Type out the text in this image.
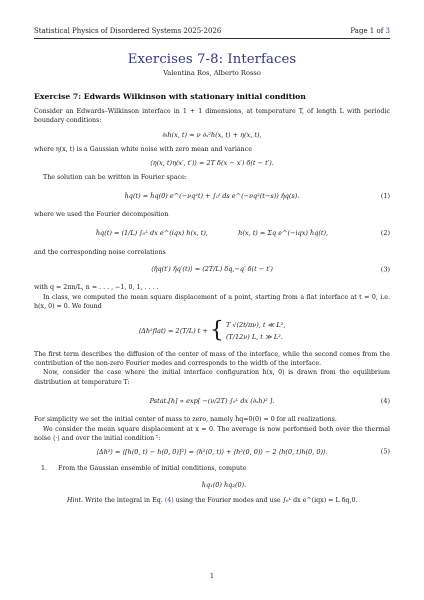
Statistical Physics of Disordered Systems 2025-2026	Page 1 of 3
Exercises 7-8: Interfaces
Valentina Ros, Alberto Rosso
Exercise 7: Edwards Wilkinson with stationary initial condition

Consider an Edwards–Wilkinson interface in 1 + 1 dimensions, at temperature T, of length L with periodic boundary conditions:

∂ₜh(x, t) = ν ∂ₓ²h(x, t) + η(x, t),

where η(x, t) is a Gaussian white noise with zero mean and variance

⟨η(x, t)η(x′, t′)⟩ = 2T δ(x − x′) δ(t − t′).

The solution can be written in Fourier space:

ĥq(t) = ĥq(0) e^(−νq²t) + ∫₀ᵗ ds e^(−νq²(t−s)) η̂q(s).	(1)

where we used the Fourier decomposition

ĥq(t) = (1/L) ∫₀ᴸ dx e^(iqx) h(x, t),	h(x, t) = Σq e^(−iqx) ĥq(t),	(2)

and the corresponding noise correlations

⟨η̂q(t′) η̂q′(t)⟩ = (2T/L) δq,−q′ δ(t − t′)	(3)

with q = 2πn/L, n = . . . , −1, 0, 1, . . . .

In class, we computed the mean square displacement of a point, starting from a flat interface at t = 0, i.e. h(x, 0) = 0. We found

⟨Δh²flat⟩ = 2(T/L) t + { T √(2t/πν), t ≪ L²,
(T/12ν) L, t ≫ L².

The first term describes the diffusion of the center of mass of the interface, while the second comes from the contribution of the non-zero Fourier modes and corresponds to the width of the interface.

Now, consider the case where the initial interface configuration h(x, 0) is drawn from the equilibrium distribution at temperature T:

Pstat.[h] ∝ exp[ −(ν/2T) ∫₀ᴸ dx (∂ₓh)² ].	(4)

For simplicity we set the initial center of mass to zero, namely ĥq=0(0) = 0 for all realizations.

We consider the mean square displacement at x = 0. The average is now performed both over the thermal noise ⟨·⟩ and over the initial condition ·̄:

⟨Δh²⟩ = ⟨[h(0, t) − h(0, 0)]²⟩ = ⟨h²(0, t)⟩ + ⟨h²(0, 0)⟩ − 2 ⟨h(0, t)h(0, 0)⟩.	(5)
1. From the Gaussian ensemble of initial conditions, compute
ĥq₁(0) ĥq₂(0).
Hint. Write the integral in Eq. (4) using the Fourier modes and use ∫₀ᴸ dx e^(iqx) = L δq,0.
1
